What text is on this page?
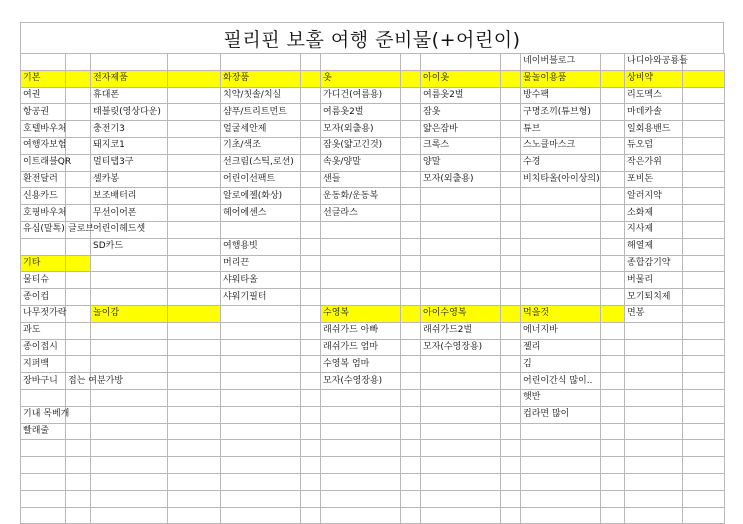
필리핀 보홀 여행 준비물(+어린이)
										네이버블로그		나디아와공룡들	
기본		전자제품		화장품		옷		아이옷		물놀이용품		상비약	
여권		휴대폰		치약/칫솔/치실		가디건(여름용)		여름옷2벌		방수팩		리도멕스	
항공권		태블릿(영상다운)		샴푸/트리트먼트		여름옷2벌		잠옷		구명조끼(튜브형)		마데카솔	
호텔바우처		충전기3		얼굴세안제		모자(외출용)		얇은잠바		튜브		일회용밴드	
여행자보험		돼지코1		기초/색조		잠옷(얇고긴것)		크록스		스노클마스크		듀오덤	
이트래블QR		멀티탭3구		선크림(스틱,로션)		속옷/양말		양말		수경		작은가위	
환전달러		셀카봉		어린이선팩트		샌들		모자(외출용)		비치타올(아이상의)		포비돈	
신용카드		보조배터리		알로에젤(화상)		운동화/운동복						알러지약	
호핑바우처		무선이어폰		헤어에센스		선글라스						소화제	
유심(말톡)	글로브	어린이헤드셋										지사제	
		SD카드		여행용빗								해열제	
기타				머리끈								종합감기약	
물티슈				샤워타올								버물리	
종이컵				샤워기필터								모기퇴치제	
나무젓가락		놀이감				수영복		아이수영복		먹을것		면봉	
과도						래쉬가드 아빠		래쉬가드2벌		에너지바			
종이접시						래쉬가드 엄마		모자(수영장용)		젤리			
지퍼백						수영복 엄마				김			
장바구니	접는 여분가방					모자(수영장용)				어린이간식 많이..			
										햇반			
기내 목베개										컵라면 많이			
빨래줄													
